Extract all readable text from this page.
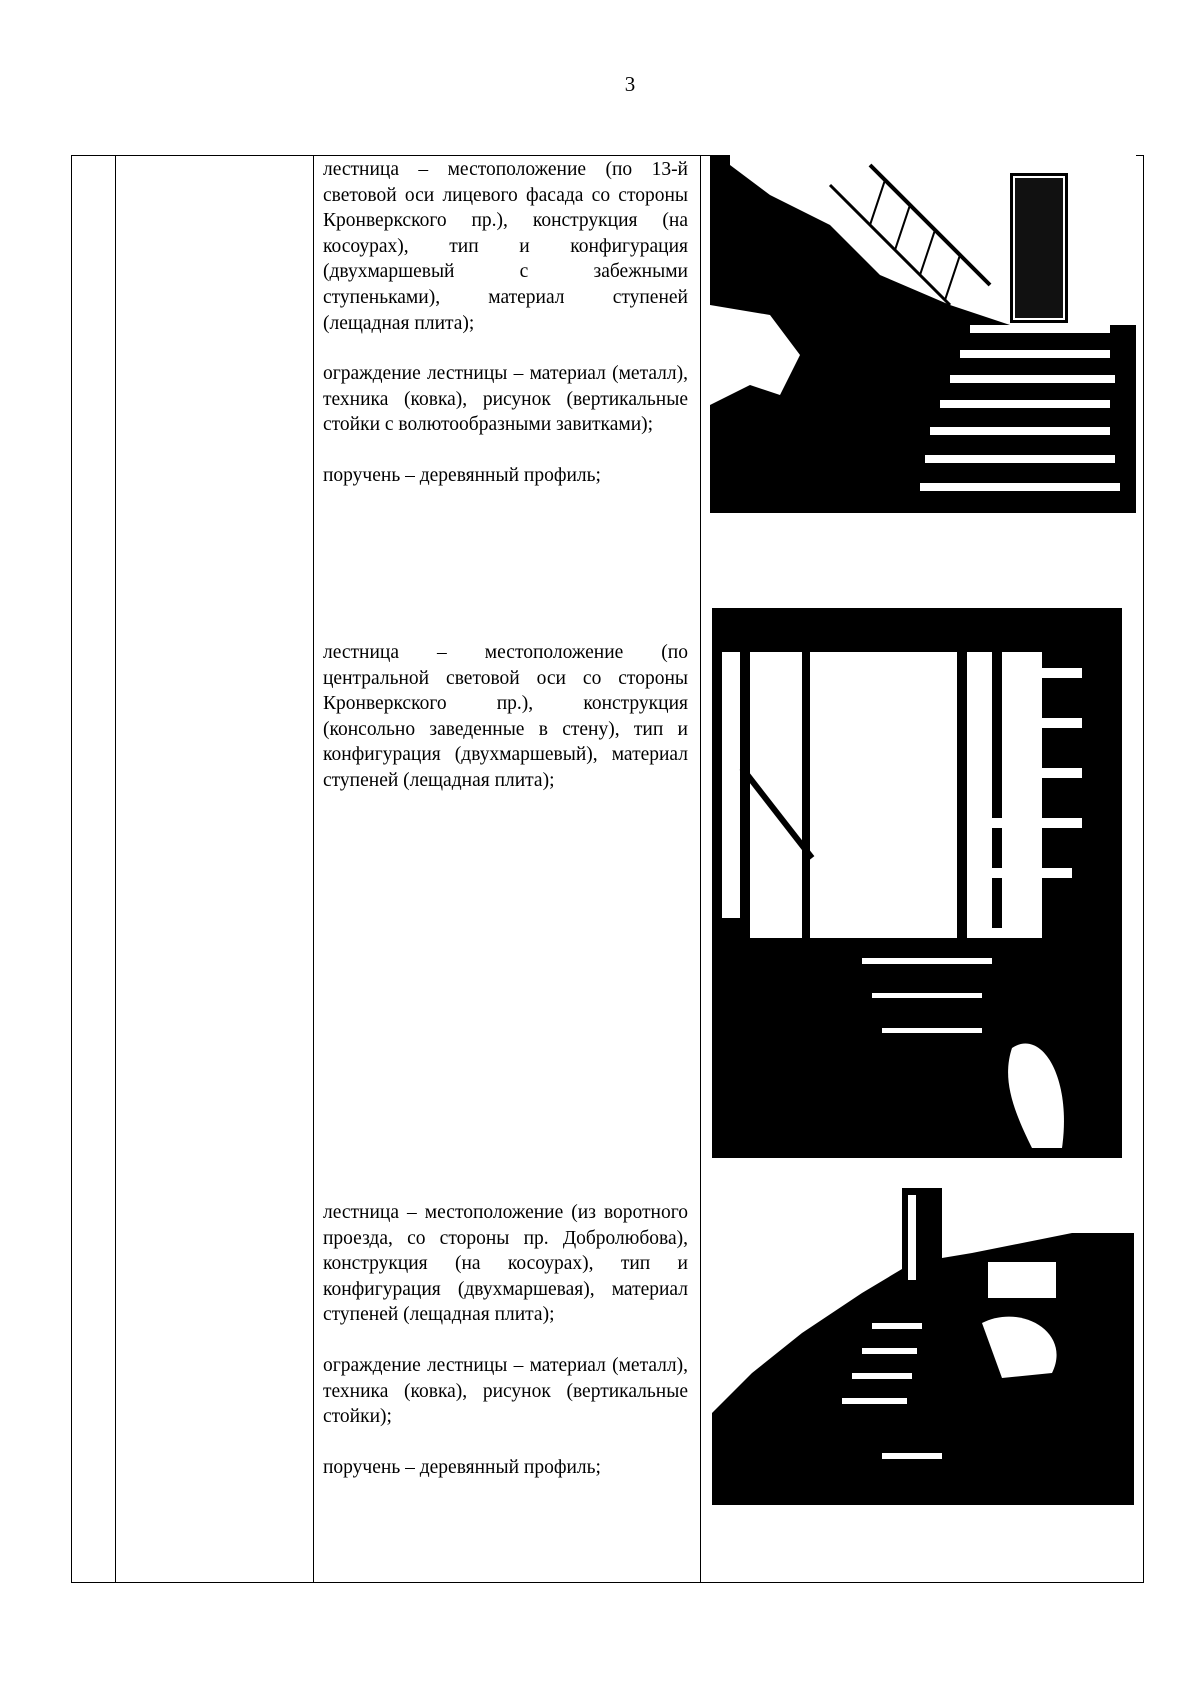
3

лестница – местоположение (по 13-й световой оси лицевого фасада со стороны Кронверкского пр.), конструкция (на косоурах), тип и конфигурация (двухмаршевый с забежными ступеньками), материал ступеней (лещадная плита);

ограждение лестницы – материал (металл), техника (ковка), рисунок (вертикальные стойки с волютообразными завитками);

поручень – деревянный профиль;

лестница – местоположение (по центральной световой оси со стороны Кронверкского пр.), конструкция (консольно заведенные в стену), тип и конфигурация (двухмаршевый), материал ступеней (лещадная плита);

лестница – местоположение (из воротного проезда, со стороны пр. Добролюбова), конструкция (на косоурах), тип и конфигурация (двухмаршевая), материал ступеней (лещадная плита);

ограждение лестницы – материал (металл), техника (ковка), рисунок (вертикальные стойки);

поручень – деревянный профиль;
